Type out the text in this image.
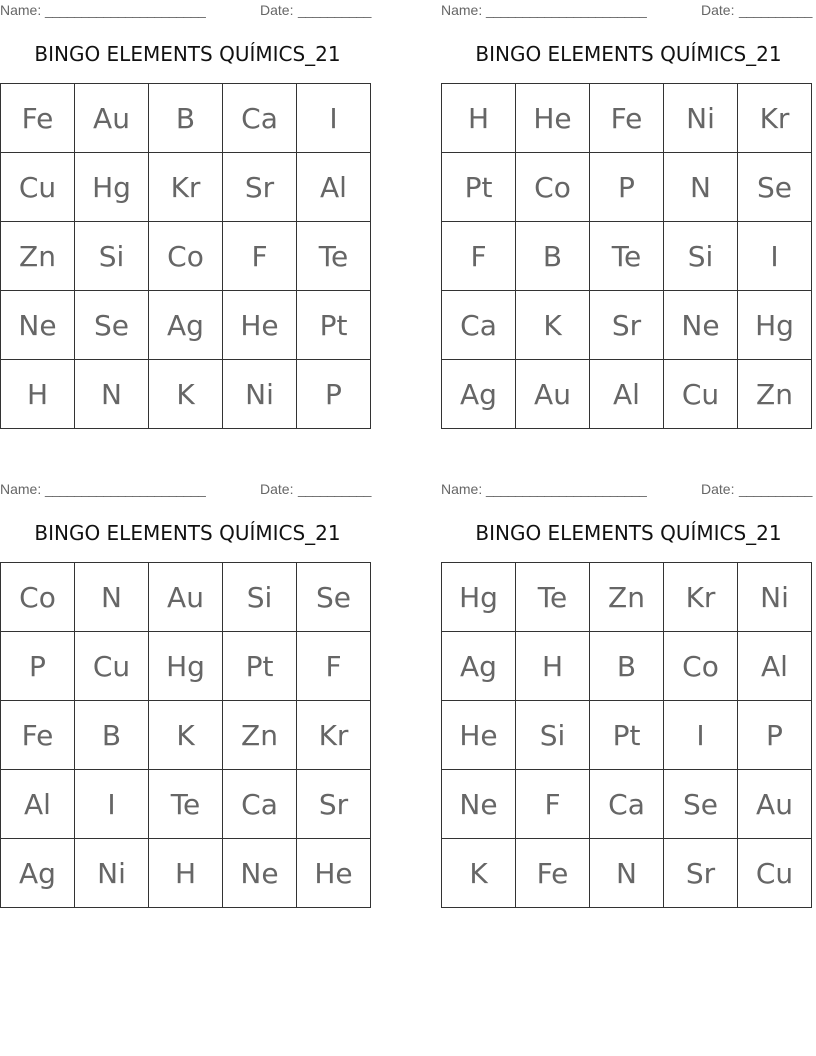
Name: ______________________	Date: __________
BINGO ELEMENTS QUÍMICS_21
Fe	Au	B	Ca	I
Cu	Hg	Kr	Sr	Al
Zn	Si	Co	F	Te
Ne	Se	Ag	He	Pt
H	N	K	Ni	P
Name: ______________________	Date: __________
BINGO ELEMENTS QUÍMICS_21
H	He	Fe	Ni	Kr
Pt	Co	P	N	Se
F	B	Te	Si	I
Ca	K	Sr	Ne	Hg
Ag	Au	Al	Cu	Zn
Name: ______________________	Date: __________
BINGO ELEMENTS QUÍMICS_21
Co	N	Au	Si	Se
P	Cu	Hg	Pt	F
Fe	B	K	Zn	Kr
Al	I	Te	Ca	Sr
Ag	Ni	H	Ne	He
Name: ______________________	Date: __________
BINGO ELEMENTS QUÍMICS_21
Hg	Te	Zn	Kr	Ni
Ag	H	B	Co	Al
He	Si	Pt	I	P
Ne	F	Ca	Se	Au
K	Fe	N	Sr	Cu
